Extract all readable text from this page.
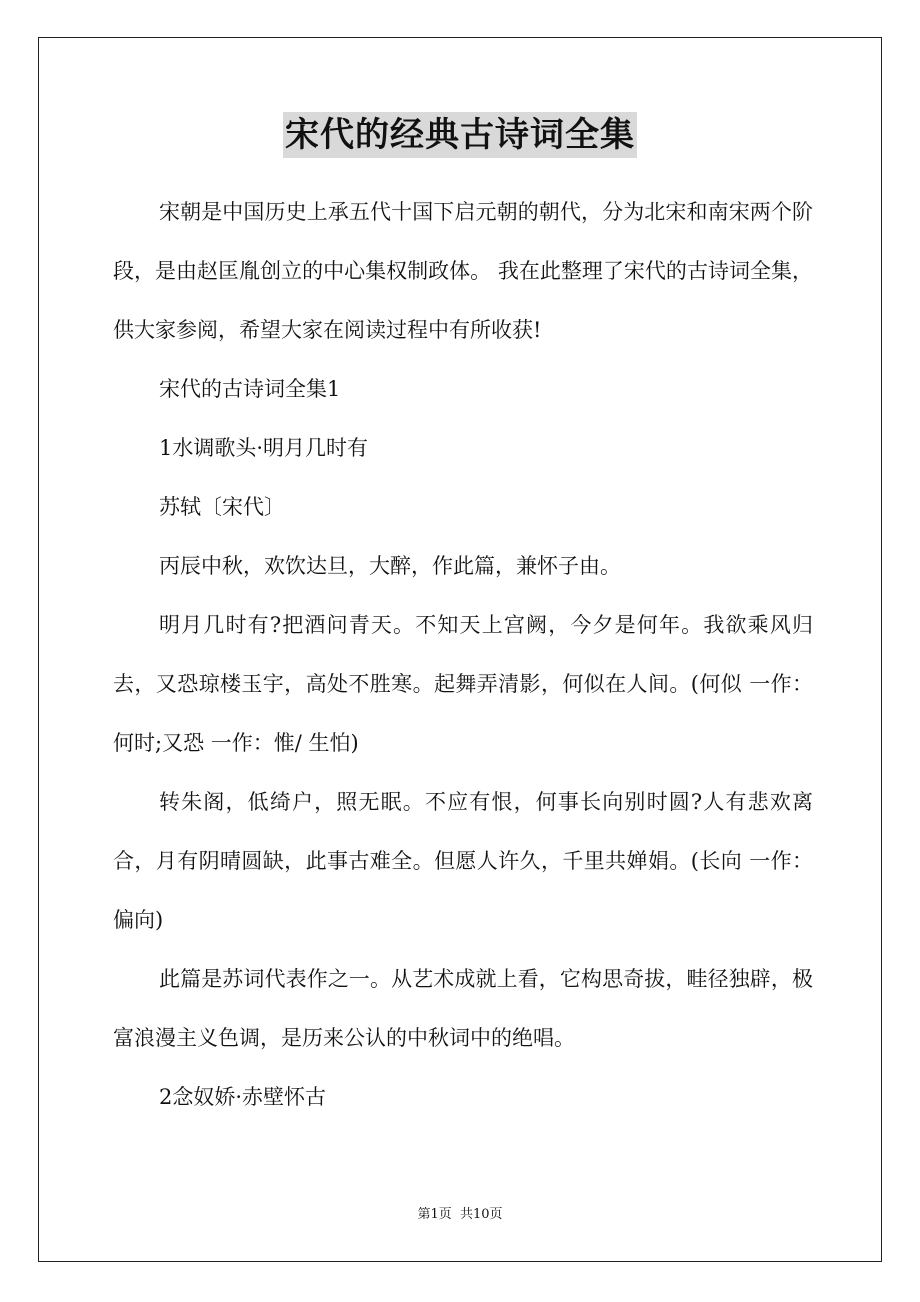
宋代的经典古诗词全集

宋朝是中国历史上承五代十国下启元朝的朝代，分为北宋和南宋两个阶段，是由赵匡胤创立的中心集权制政体。 我在此整理了宋代的古诗词全集，供大家参阅，希望大家在阅读过程中有所收获!

宋代的古诗词全集1

1水调歌头·明月几时有

苏轼〔宋代〕

丙辰中秋，欢饮达旦，大醉，作此篇，兼怀子由。

明月几时有?把酒问青天。不知天上宫阙，今夕是何年。我欲乘风归去，又恐琼楼玉宇，高处不胜寒。起舞弄清影，何似在人间。(何似 一作：何时;又恐 一作：惟/ 生怕)

转朱阁，低绮户，照无眠。不应有恨，何事长向别时圆?人有悲欢离合，月有阴晴圆缺，此事古难全。但愿人许久，千里共婵娟。(长向 一作：偏向)

此篇是苏词代表作之一。从艺术成就上看，它构思奇拔，畦径独辟，极富浪漫主义色调，是历来公认的中秋词中的绝唱。

2念奴娇·赤壁怀古

第1页  共10页
